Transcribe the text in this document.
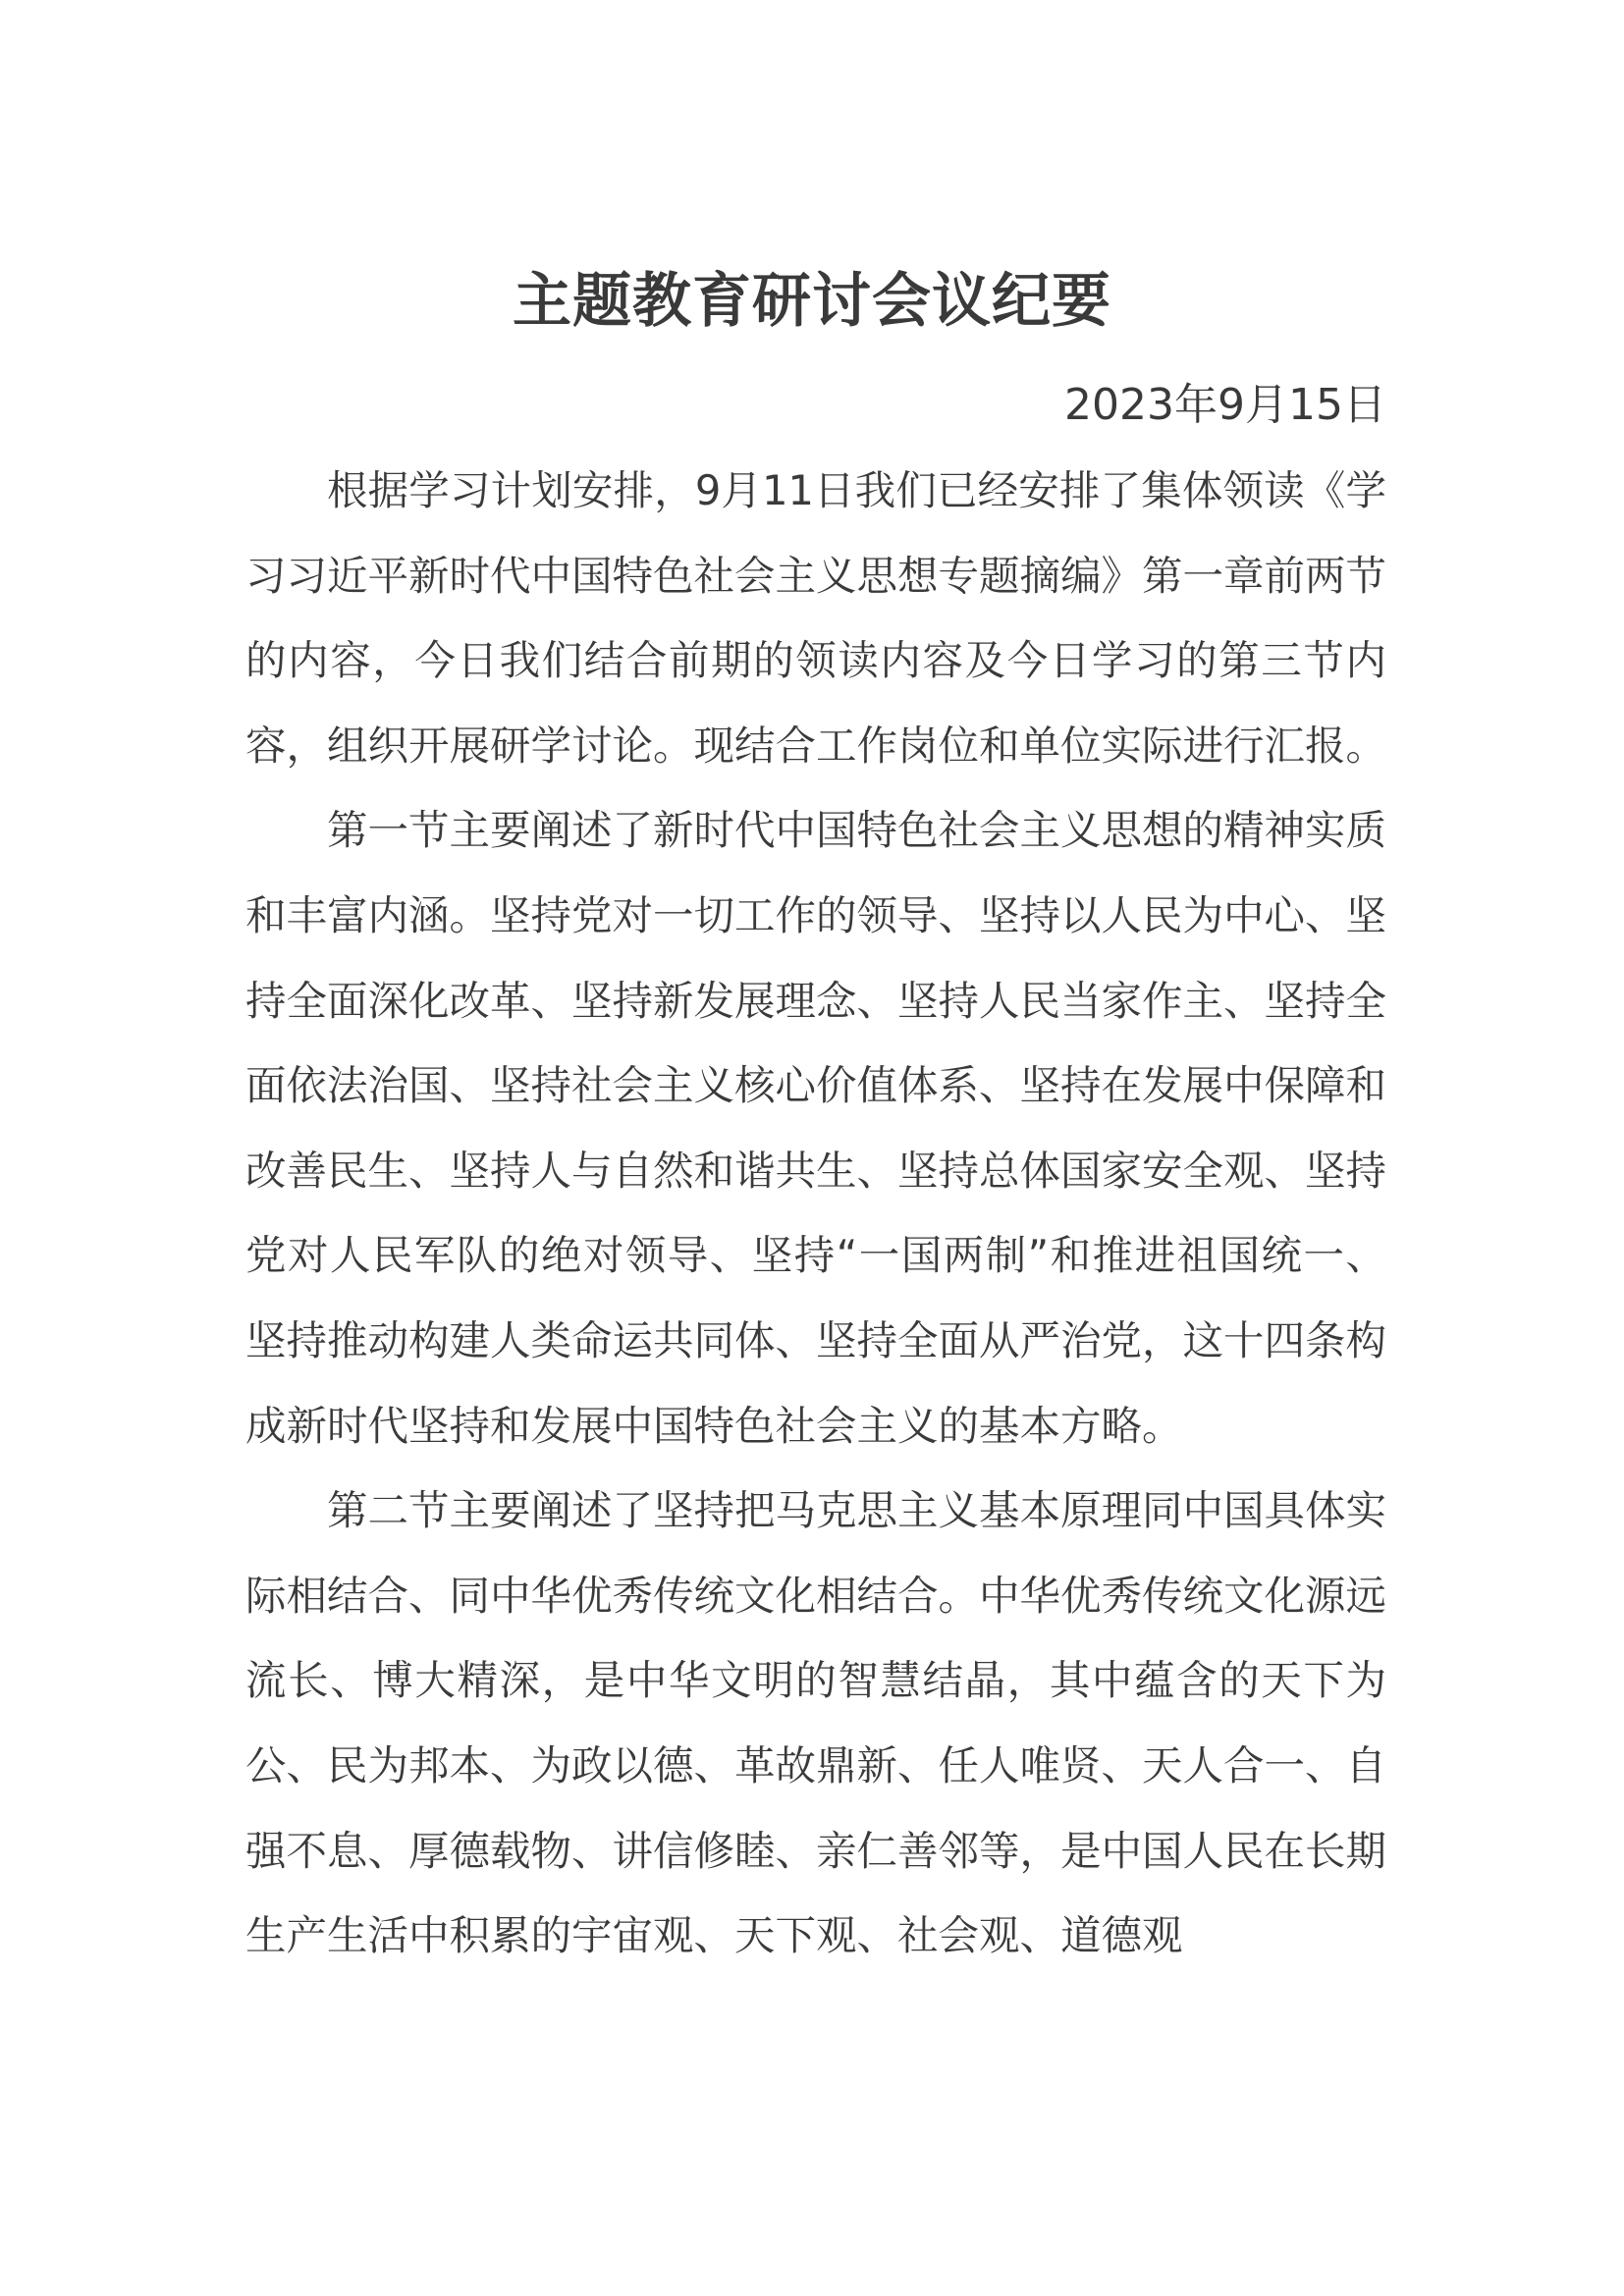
主题教育研讨会议纪要

2023年9月15日

根据学习计划安排，9月11日我们已经安排了集体领读《学习习近平新时代中国特色社会主义思想专题摘编》第一章前两节的内容，今日我们结合前期的领读内容及今日学习的第三节内容，组织开展研学讨论。现结合工作岗位和单位实际进行汇报。

第一节主要阐述了新时代中国特色社会主义思想的精神实质和丰富内涵。坚持党对一切工作的领导、坚持以人民为中心、坚持全面深化改革、坚持新发展理念、坚持人民当家作主、坚持全面依法治国、坚持社会主义核心价值体系、坚持在发展中保障和改善民生、坚持人与自然和谐共生、坚持总体国家安全观、坚持党对人民军队的绝对领导、坚持“一国两制”和推进祖国统一、坚持推动构建人类命运共同体、坚持全面从严治党，这十四条构成新时代坚持和发展中国特色社会主义的基本方略。

第二节主要阐述了坚持把马克思主义基本原理同中国具体实际相结合、同中华优秀传统文化相结合。中华优秀传统文化源远流长、博大精深，是中华文明的智慧结晶，其中蕴含的天下为公、民为邦本、为政以德、革故鼎新、任人唯贤、天人合一、自强不息、厚德载物、讲信修睦、亲仁善邻等，是中国人民在长期生产生活中积累的宇宙观、天下观、社会观、道德观
